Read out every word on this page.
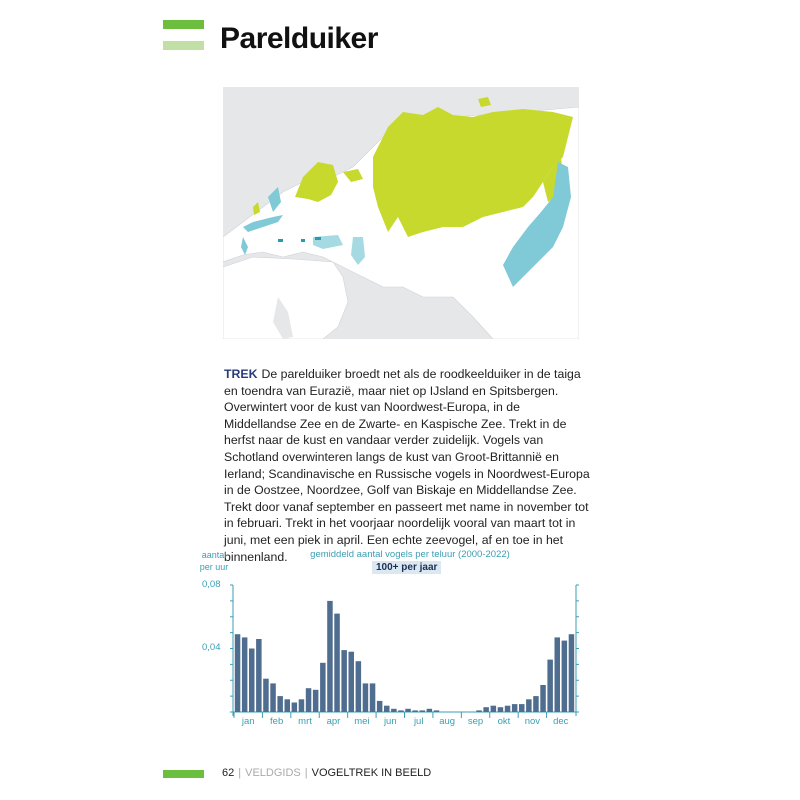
Parelduiker

TREK De parelduiker broedt net als de roodkeelduiker in de taiga en toendra van Eurazië, maar niet op IJsland en Spitsbergen. Overwintert voor de kust van Noordwest-Europa, in de Middellandse Zee en de Zwarte- en Kaspische Zee. Trekt in de herfst naar de kust en vandaar verder zuidelijk. Vogels van Schotland overwinteren langs de kust van Groot-Brittannië en Ierland; Scandinavische en Russische vogels in Noordwest-Europa in de Oostzee, Noordzee, Golf van Biskaje en Middellandse Zee. Trekt door vanaf september en passeert met name in november tot in februari. Trekt in het voorjaar noordelijk vooral van maart tot in juni, met een piek in april. Een echte zeevogel, af en toe in het binnenland.

aantal per uur
gemiddeld aantal vogels per teluur (2000-2022)
100+ per jaar
0,08
0,04
jan	feb	mrt	apr	mei	jun	jul	aug	sep	okt	nov	dec
62 | VELDGIDS | VOGELTREK IN BEELD
